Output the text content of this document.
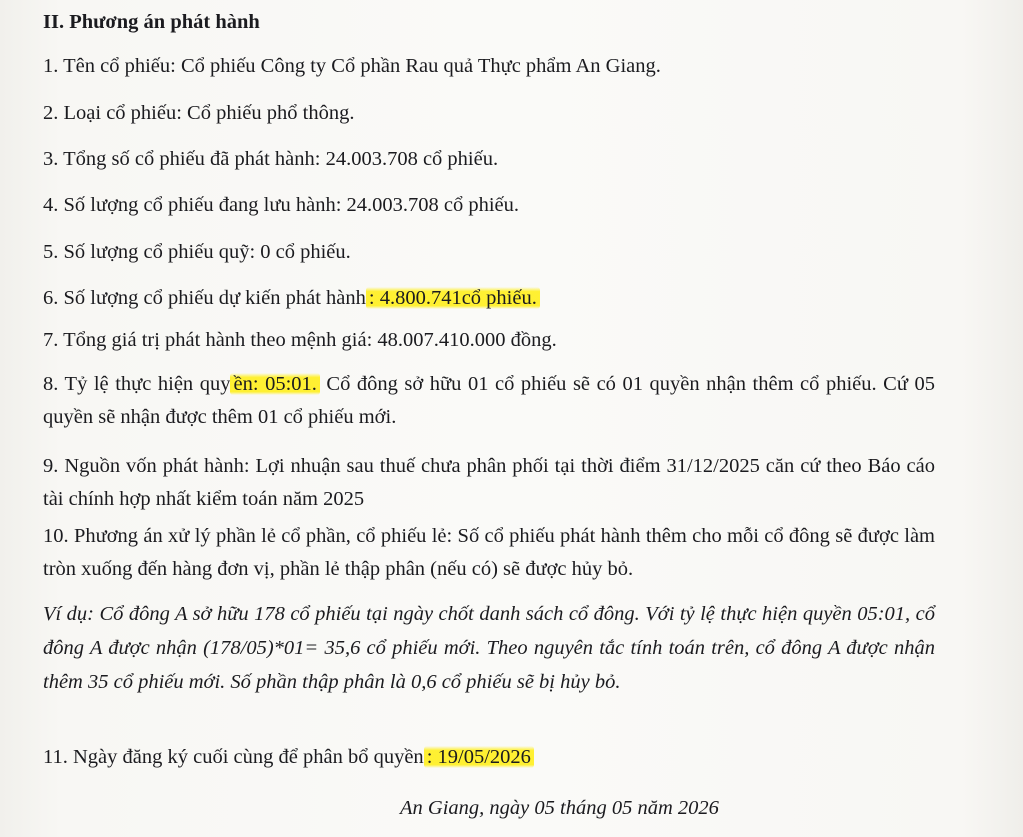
II. Phương án phát hành
1. Tên cổ phiếu: Cổ phiếu Công ty Cổ phần Rau quả Thực phẩm An Giang.
2. Loại cổ phiếu: Cổ phiếu phổ thông.
3. Tổng số cổ phiếu đã phát hành: 24.003.708 cổ phiếu.
4. Số lượng cổ phiếu đang lưu hành: 24.003.708 cổ phiếu.
5. Số lượng cổ phiếu quỹ: 0 cổ phiếu.
6. Số lượng cổ phiếu dự kiến phát hành : 4.800.741cổ phiếu.
7. Tổng giá trị phát hành theo mệnh giá: 48.007.410.000 đồng.
8. Tỷ lệ thực hiện quy ền: 05:01. Cổ đông sở hữu 01 cổ phiếu sẽ có 01 quyền nhận thêm cổ phiếu. Cứ 05 quyền sẽ nhận được thêm 01 cổ phiếu mới.
9. Nguồn vốn phát hành: Lợi nhuận sau thuế chưa phân phối tại thời điểm 31/12/2025 căn cứ theo Báo cáo tài chính hợp nhất kiểm toán năm 2025
10. Phương án xử lý phần lẻ cổ phần, cổ phiếu lẻ: Số cổ phiếu phát hành thêm cho mỗi cổ đông sẽ được làm tròn xuống đến hàng đơn vị, phần lẻ thập phân (nếu có) sẽ được hủy bỏ.
Ví dụ: Cổ đông A sở hữu 178 cổ phiếu tại ngày chốt danh sách cổ đông. Với tỷ lệ thực hiện quyền 05:01, cổ đông A được nhận (178/05)*01= 35,6 cổ phiếu mới. Theo nguyên tắc tính toán trên, cổ đông A được nhận thêm 35 cổ phiếu mới. Số phần thập phân là 0,6 cổ phiếu sẽ bị hủy bỏ.
11. Ngày đăng ký cuối cùng để phân bổ quyền : 19/05/2026
An Giang, ngày 05 tháng 05 năm 2026
